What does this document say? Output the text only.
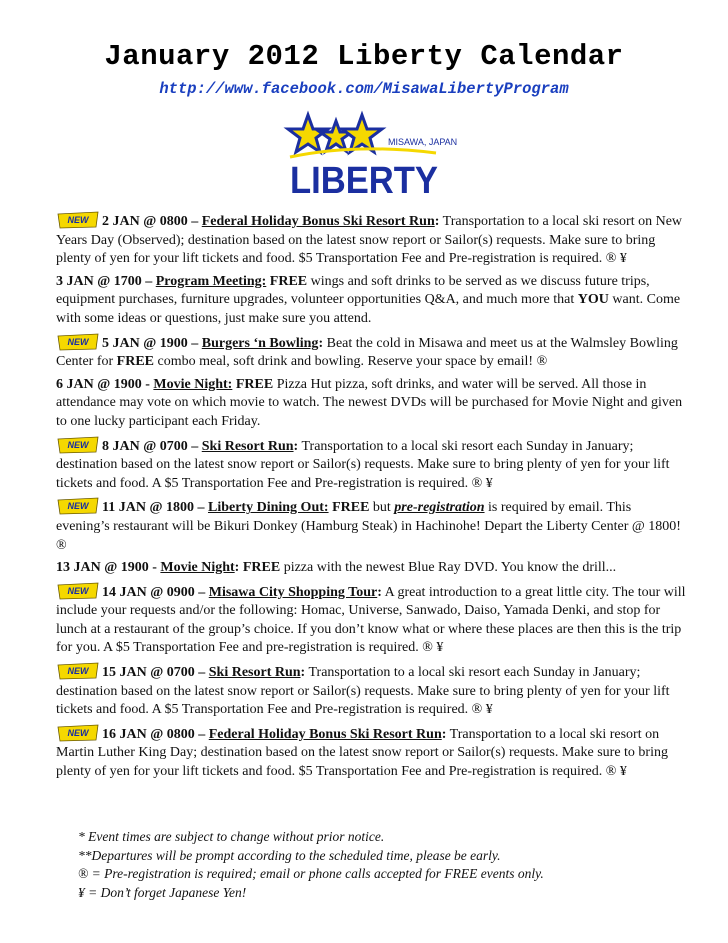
January 2012 Liberty Calendar
http://www.facebook.com/MisawaLibertyProgram
MISAWA, JAPAN
LIBERTY

NEW 2 JAN @ 0800 – Federal Holiday Bonus Ski Resort Run: Transportation to a local ski resort on New Years Day (Observed); destination based on the latest snow report or Sailor(s) requests. Make sure to bring plenty of yen for your lift tickets and food. $5 Transportation Fee and Pre-registration is required. ® ¥

3 JAN @ 1700 – Program Meeting: FREE wings and soft drinks to be served as we discuss future trips, equipment purchases, furniture upgrades, volunteer opportunities Q&A, and much more that YOU want. Come with some ideas or questions, just make sure you attend.

NEW 5 JAN @ 1900 – Burgers ‘n Bowling: Beat the cold in Misawa and meet us at the Walmsley Bowling Center for FREE combo meal, soft drink and bowling. Reserve your space by email! ®

6 JAN @ 1900 - Movie Night: FREE Pizza Hut pizza, soft drinks, and water will be served. All those in attendance may vote on which movie to watch. The newest DVDs will be purchased for Movie Night and given to one lucky participant each Friday.

NEW 8 JAN @ 0700 – Ski Resort Run: Transportation to a local ski resort each Sunday in January; destination based on the latest snow report or Sailor(s) requests. Make sure to bring plenty of yen for your lift tickets and food. A $5 Transportation Fee and Pre-registration is required. ® ¥

NEW 11 JAN @ 1800 – Liberty Dining Out: FREE but pre-registration is required by email. This evening’s restaurant will be Bikuri Donkey (Hamburg Steak) in Hachinohe! Depart the Liberty Center @ 1800! ®

13 JAN @ 1900 - Movie Night: FREE pizza with the newest Blue Ray DVD. You know the drill...

NEW 14 JAN @ 0900 – Misawa City Shopping Tour: A great introduction to a great little city. The tour will include your requests and/or the following: Homac, Universe, Sanwado, Daiso, Yamada Denki, and stop for lunch at a restaurant of the group’s choice. If you don’t know what or where these places are then this is the trip for you. A $5 Transportation Fee and pre-registration is required. ® ¥

NEW 15 JAN @ 0700 – Ski Resort Run: Transportation to a local ski resort each Sunday in January; destination based on the latest snow report or Sailor(s) requests. Make sure to bring plenty of yen for your lift tickets and food. A $5 Transportation Fee and Pre-registration is required. ® ¥

NEW 16 JAN @ 0800 – Federal Holiday Bonus Ski Resort Run: Transportation to a local ski resort on Martin Luther King Day; destination based on the latest snow report or Sailor(s) requests. Make sure to bring plenty of yen for your lift tickets and food. $5 Transportation Fee and Pre-registration is required. ® ¥

* Event times are subject to change without prior notice.

**Departures will be prompt according to the scheduled time, please be early.

® = Pre-registration is required; email or phone calls accepted for FREE events only.

¥ = Don’t forget Japanese Yen!
